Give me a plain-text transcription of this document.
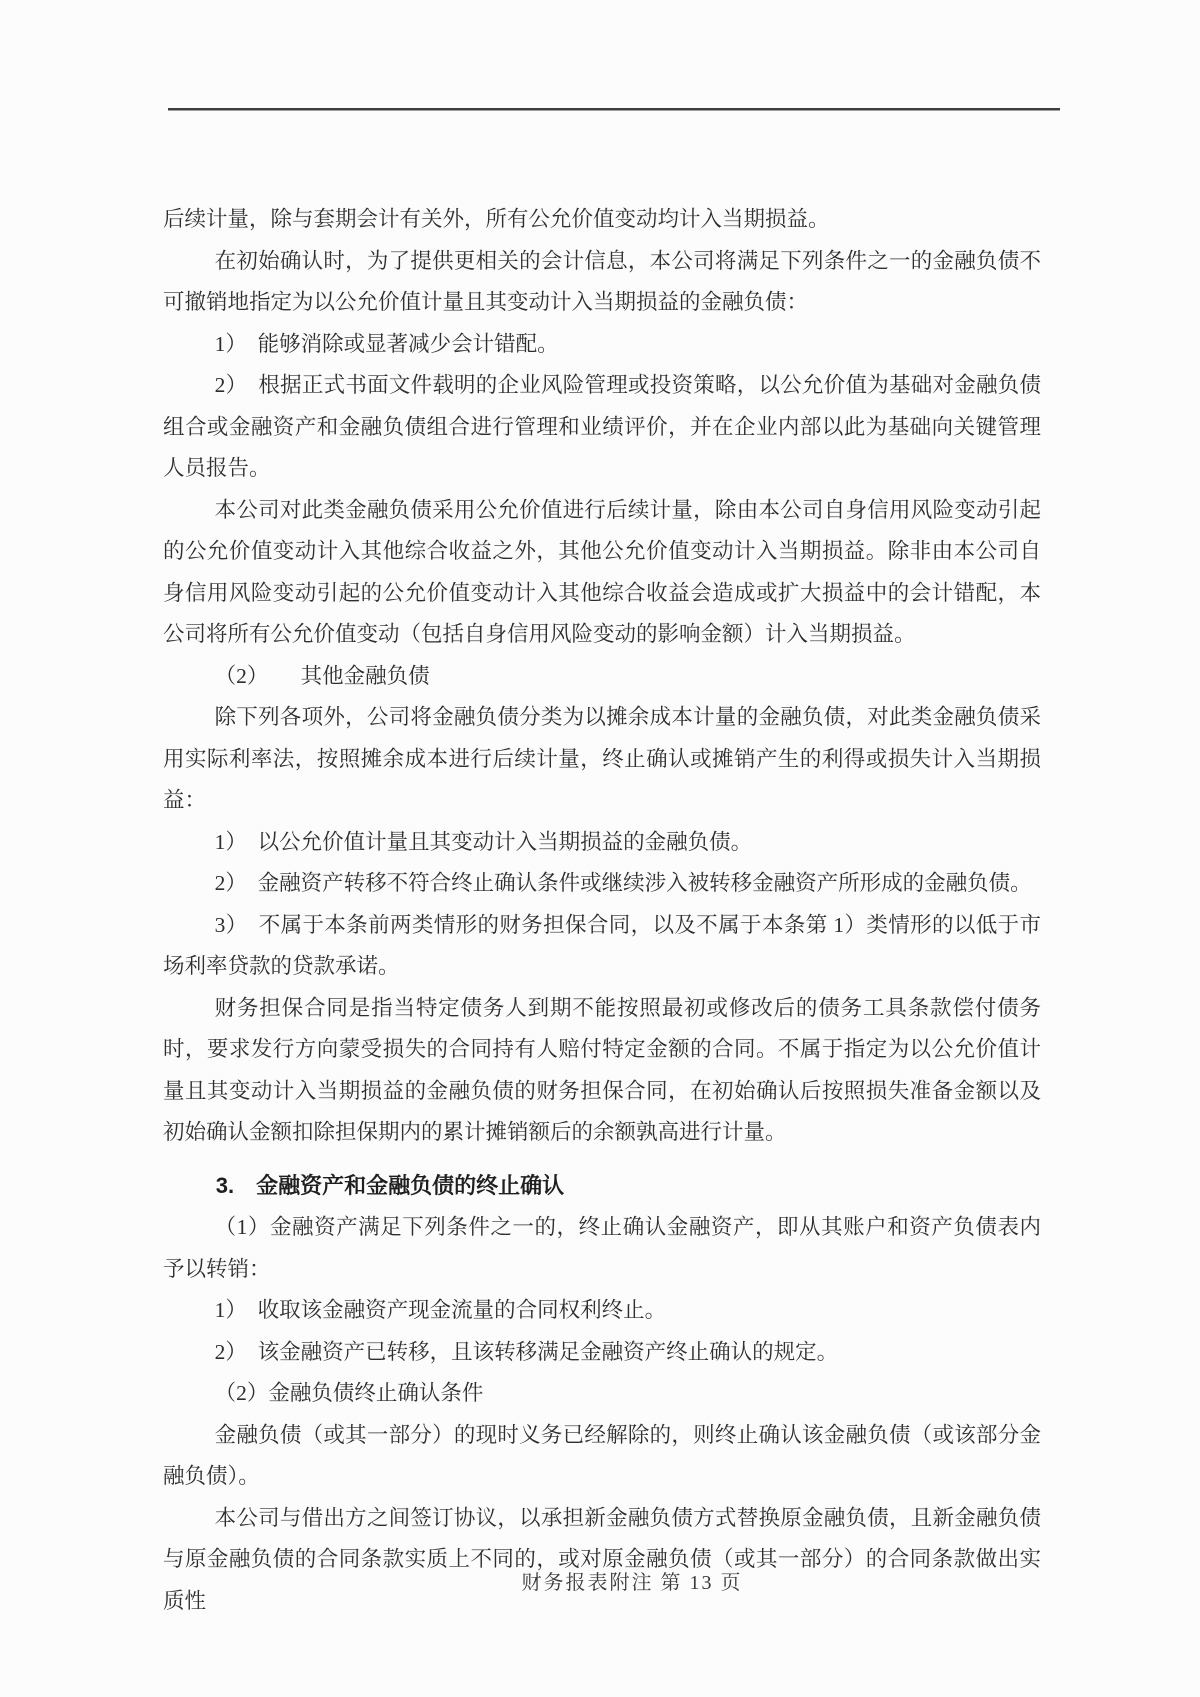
后续计量，除与套期会计有关外，所有公允价值变动均计入当期损益。

在初始确认时，为了提供更相关的会计信息，本公司将满足下列条件之一的金融负债不可撤销地指定为以公允价值计量且其变动计入当期损益的金融负债：

1）　能够消除或显著减少会计错配。

2）　根据正式书面文件载明的企业风险管理或投资策略，以公允价值为基础对金融负债组合或金融资产和金融负债组合进行管理和业绩评价，并在企业内部以此为基础向关键管理人员报告。

本公司对此类金融负债采用公允价值进行后续计量，除由本公司自身信用风险变动引起的公允价值变动计入其他综合收益之外，其他公允价值变动计入当期损益。除非由本公司自身信用风险变动引起的公允价值变动计入其他综合收益会造成或扩大损益中的会计错配，本公司将所有公允价值变动（包括自身信用风险变动的影响金额）计入当期损益。

（2）　　其他金融负债

除下列各项外，公司将金融负债分类为以摊余成本计量的金融负债，对此类金融负债采用实际利率法，按照摊余成本进行后续计量，终止确认或摊销产生的利得或损失计入当期损益：

1）　以公允价值计量且其变动计入当期损益的金融负债。

2）　金融资产转移不符合终止确认条件或继续涉入被转移金融资产所形成的金融负债。

3）　不属于本条前两类情形的财务担保合同，以及不属于本条第 1）类情形的以低于市场利率贷款的贷款承诺。

财务担保合同是指当特定债务人到期不能按照最初或修改后的债务工具条款偿付债务时，要求发行方向蒙受损失的合同持有人赔付特定金额的合同。不属于指定为以公允价值计量且其变动计入当期损益的金融负债的财务担保合同，在初始确认后按照损失准备金额以及初始确认金额扣除担保期内的累计摊销额后的余额孰高进行计量。

3.　金融资产和金融负债的终止确认

（1）金融资产满足下列条件之一的，终止确认金融资产，即从其账户和资产负债表内予以转销：

1）　收取该金融资产现金流量的合同权利终止。

2）　该金融资产已转移，且该转移满足金融资产终止确认的规定。

（2）金融负债终止确认条件

金融负债（或其一部分）的现时义务已经解除的，则终止确认该金融负债（或该部分金融负债）。

本公司与借出方之间签订协议，以承担新金融负债方式替换原金融负债，且新金融负债与原金融负债的合同条款实质上不同的，或对原金融负债（或其一部分）的合同条款做出实质性

财务报表附注 第 13 页
